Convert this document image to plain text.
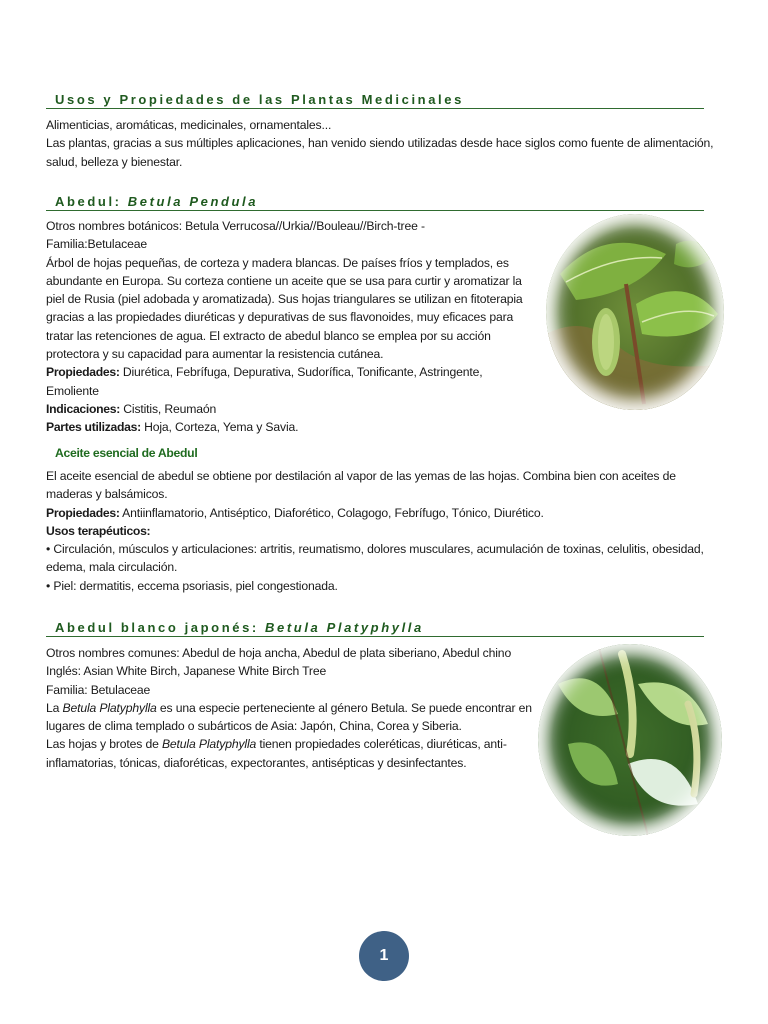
Usos y Propiedades de las Plantas Medicinales

Alimenticias, aromáticas, medicinales, ornamentales...

Las plantas, gracias a sus múltiples aplicaciones, han venido siendo utilizadas desde hace siglos como fuente de alimentación, salud, belleza y bienestar.

Abedul: Betula Pendula

Otros nombres botánicos: Betula Verrucosa//Urkia//Bouleau//Birch-tree -

Familia:Betulaceae

Árbol de hojas pequeñas, de corteza y madera blancas. De países fríos y templados, es abundante en Europa. Su corteza contiene un aceite que se usa para curtir y aromatizar la piel de Rusia (piel adobada y aromatizada). Sus hojas triangulares se utilizan en fitoterapia gracias a las propiedades diuréticas y depurativas de sus flavonoides, muy eficaces para tratar las retenciones de agua. El extracto de abedul blanco se emplea por su acción protectora y su capacidad para aumentar la resistencia cutánea.

Propiedades: Diurética, Febrífuga, Depurativa, Sudorífica, Tonificante, Astringente, Emoliente

Indicaciones: Cistitis, Reumaón

Partes utilizadas: Hoja, Corteza, Yema y Savia.

Aceite esencial de Abedul

El aceite esencial de abedul se obtiene por destilación al vapor de las yemas de las hojas. Combina bien con aceites de maderas y balsámicos.

Propiedades: Antiinflamatorio, Antiséptico, Diaforético, Colagogo, Febrífugo, Tónico, Diurético.

Usos terapéuticos:

• Circulación, músculos y articulaciones: artritis, reumatismo, dolores musculares, acumulación de toxinas, celulitis, obesidad, edema, mala circulación.

• Piel: dermatitis, eccema psoriasis, piel congestionada.

Abedul blanco japonés: Betula Platyphylla

Otros nombres comunes: Abedul de hoja ancha, Abedul de plata siberiano, Abedul chino

Inglés: Asian White Birch, Japanese White Birch Tree

Familia: Betulaceae

La Betula Platyphylla es una especie perteneciente al género Betula. Se puede encontrar en lugares de clima templado o subárticos de Asia: Japón, China, Corea y Siberia.

Las hojas y brotes de Betula Platyphylla tienen propiedades coleréticas, diuréticas, anti-inflamatorias, tónicas, diaforéticas, expectorantes, antisépticas y desinfectantes.

1
